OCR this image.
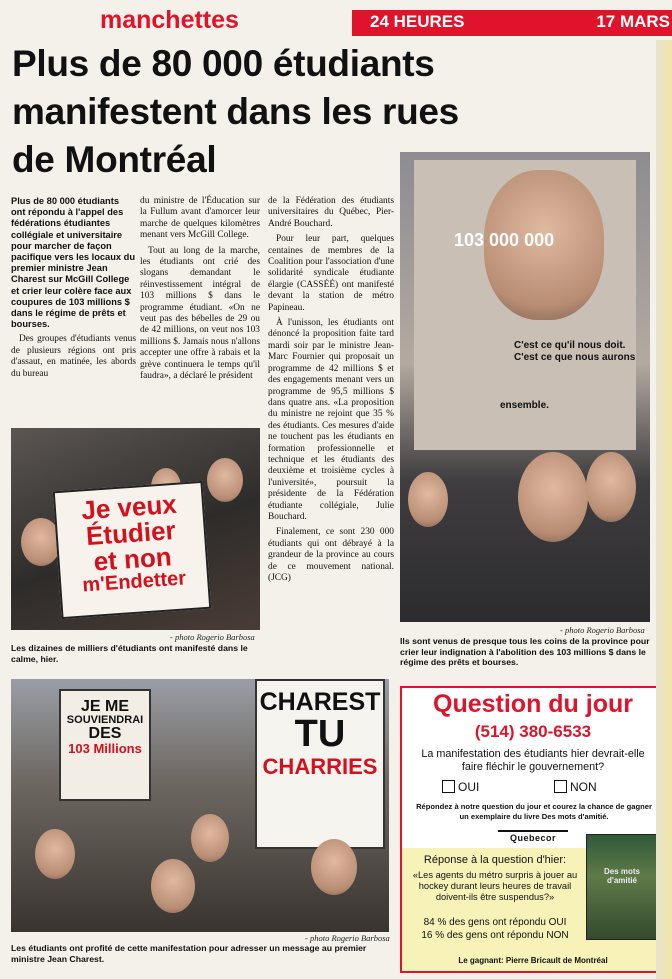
manchettes	24 HEURES	17 MARS
Plus de 80 000 étudiants
manifestent dans les rues
de Montréal

Plus de 80 000 étudiants ont répondu à l'appel des fédérations étudiantes collégiale et universitaire pour marcher de façon pacifique vers les locaux du premier ministre Jean Charest sur McGill College et crier leur colère face aux coupures de 103 millions $ dans le régime de prêts et bourses.

Des groupes d'étudiants venus de plusieurs régions ont pris d'assaut, en matinée, les abords du bureau

du ministre de l'Éducation sur la Fullum avant d'amorcer leur marche de quelques kilomètres menant vers McGill College.

Tout au long de la marche, les étudiants ont crié des slogans demandant le réinvestissement intégral de 103 millions $ dans le programme étudiant. «On ne veut pas des bébelles de 29 ou de 42 millions, on veut nos 103 millions $. Jamais nous n'allons accepter une offre à rabais et la grève continuera le temps qu'il faudra», a déclaré le président

de la Fédération des étudiants universitaires du Québec, Pier-André Bouchard.

Pour leur part, quelques centaines de membres de la Coalition pour l'association d'une solidarité syndicale étudiante élargie (CASSÉÉ) ont manifesté devant la station de métro Papineau.

À l'unisson, les étudiants ont dénoncé la proposition faite tard mardi soir par le ministre Jean-Marc Fournier qui proposait un programme de 42 millions $ et des engagements menant vers un programme de 95,5 millions $ dans quatre ans. «La proposition du ministre ne rejoint que 35 % des étudiants. Ces mesures d'aide ne touchent pas les étudiants en formation professionnelle et technique et les étudiants des deuxième et troisième cycles à l'université», poursuit la présidente de la Fédération étudiante collégiale, Julie Bouchard.

Finalement, ce sont 230 000 étudiants qui ont débrayé à la grandeur de la province au cours de ce mouvement national. (JCG)

Je veux
Étudier
et non
m'Endetter
- photo Rogerio Barbosa
Les dizaines de milliers d'étudiants ont manifesté dans le calme, hier.
103 000 000
C'est ce qu'il nous doit. C'est ce que nous aurons
ensemble.
- photo Rogerio Barbosa
Ils sont venus de presque tous les coins de la province pour crier leur indignation à l'abolition des 103 millions $ dans le régime des prêts et bourses.
JE ME
SOUVIENDRAI
DES
103 Millions
CHAREST
TU
CHARRIES
- photo Rogerio Barbosa
Les étudiants ont profité de cette manifestation pour adresser un message au premier ministre Jean Charest.
Question du jour
(514) 380-6533
La manifestation des étudiants hier devrait-elle faire fléchir le gouvernement?
OUI	NON
Répondez à notre question du jour et courez la chance de gagner un exemplaire du livre Des mots d'amitié.
Quebecor
Réponse à la question d'hier:
«Les agents du métro surpris à jouer au hockey durant leurs heures de travail doivent-ils être suspendus?»
84 % des gens ont répondu OUI
16 % des gens ont répondu NON
Des mots d'amitié
Le gagnant: Pierre Bricault de Montréal
